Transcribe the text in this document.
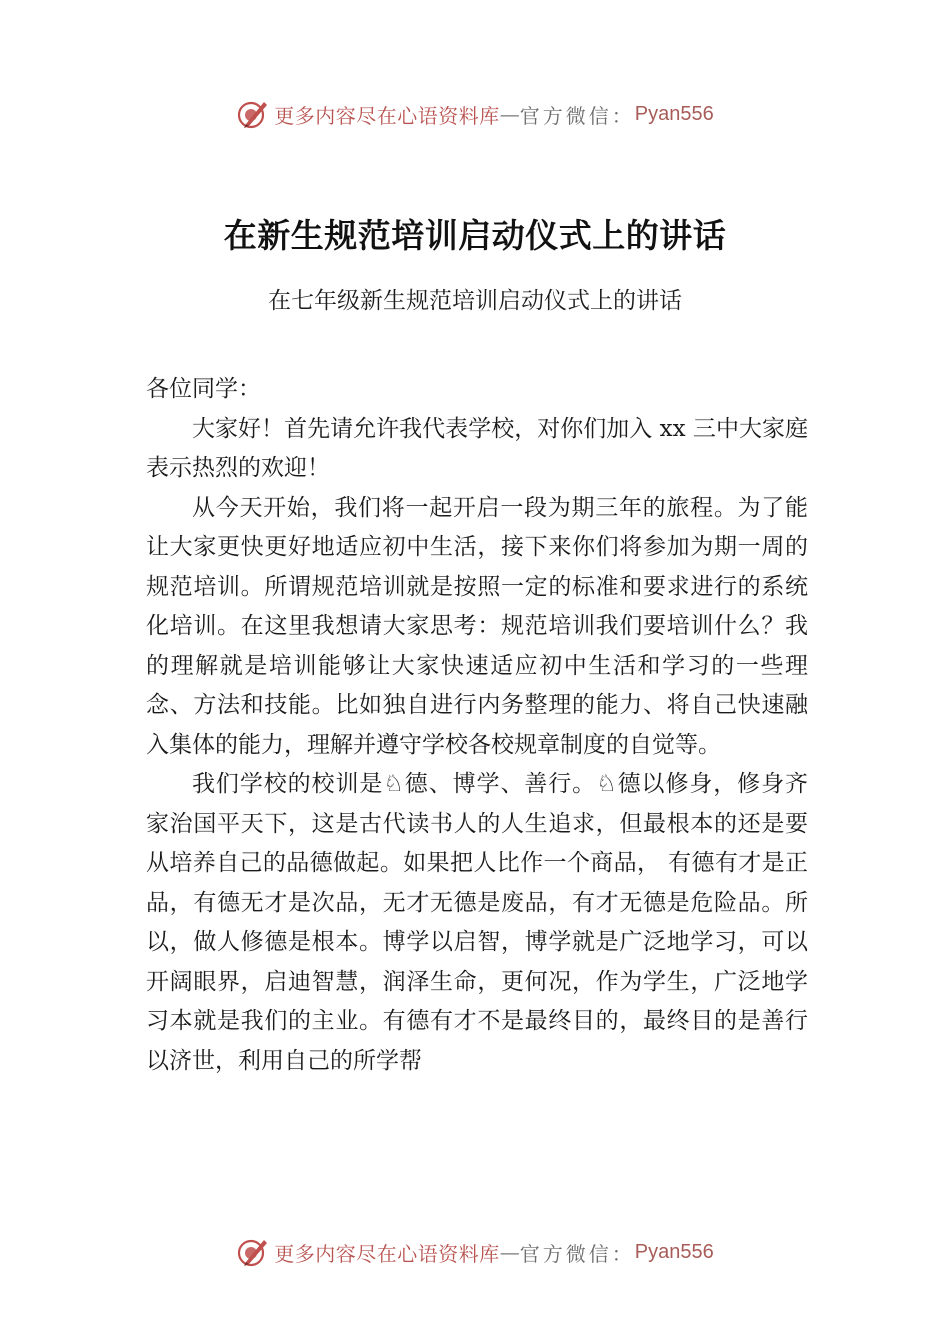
更多内容尽在心语资料库 — 官方微信： Pyan556
在新生规范培训启动仪式上的讲话
在七年级新生规范培训启动仪式上的讲话

各位同学：

大家好！首先请允许我代表学校，对你们加入 xx 三中大家庭表示热烈的欢迎！

从今天开始，我们将一起开启一段为期三年的旅程。为了能让大家更快更好地适应初中生活，接下来你们将参加为期一周的规范培训。所谓规范培训就是按照一定的标准和要求进行的系统化培训。在这里我想请大家思考：规范培训我们要培训什么？我的理解就是培训能够让大家快速适应初中生活和学习的一些理念、方法和技能。比如独自进行内务整理的能力、将自己快速融入集体的能力，理解并遵守学校各校规章制度的自觉等。

我们学校的校训是♘德、博学、善行。♘德以修身，修身齐家治国平天下，这是古代读书人的人生追求，但最根本的还是要从培养自己的品德做起。如果把人比作一个商品， 有德有才是正品，有德无才是次品，无才无德是废品，有才无德是危险品。所以，做人修德是根本。博学以启智，博学就是广泛地学习，可以开阔眼界，启迪智慧，润泽生命，更何况，作为学生，广泛地学习本就是我们的主业。有德有才不是最终目的，最终目的是善行以济世，利用自己的所学帮

更多内容尽在心语资料库 — 官方微信： Pyan556
